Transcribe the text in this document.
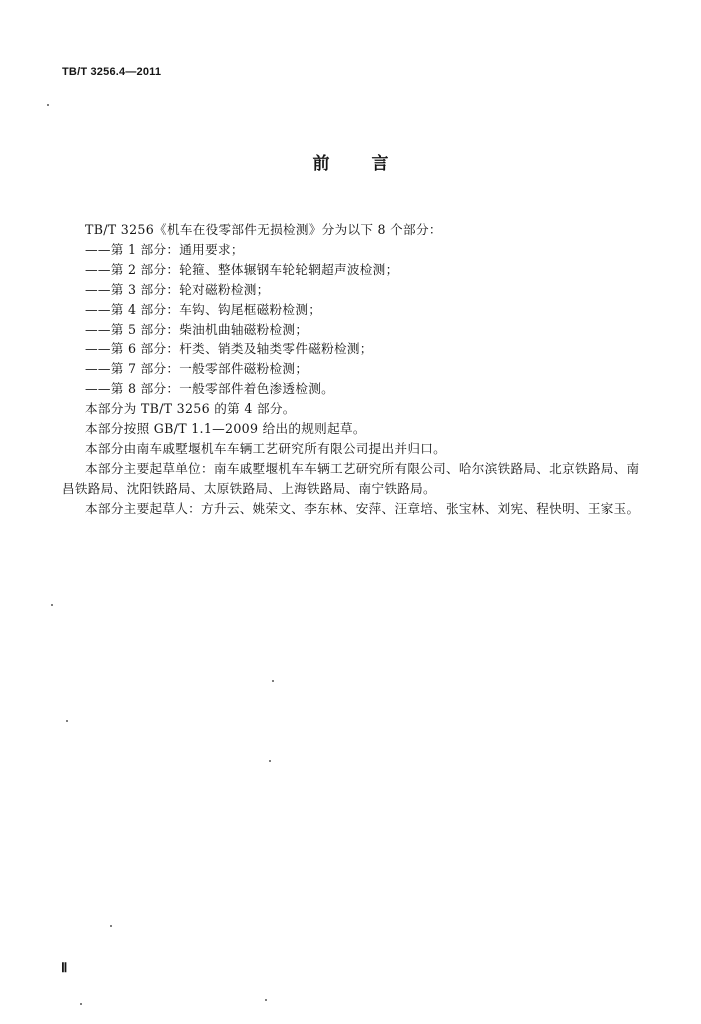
TB/T 3256.4—2011
前 言

TB/T 3256《机车在役零部件无损检测》分为以下 8 个部分：

——第 1 部分：通用要求；

——第 2 部分：轮箍、整体辗钢车轮轮辋超声波检测；

——第 3 部分：轮对磁粉检测；

——第 4 部分：车钩、钩尾框磁粉检测；

——第 5 部分：柴油机曲轴磁粉检测；

——第 6 部分：杆类、销类及轴类零件磁粉检测；

——第 7 部分：一般零部件磁粉检测；

——第 8 部分：一般零部件着色渗透检测。

本部分为 TB/T 3256 的第 4 部分。

本部分按照 GB/T 1.1—2009 给出的规则起草。

本部分由南车戚墅堰机车车辆工艺研究所有限公司提出并归口。

本部分主要起草单位：南车戚墅堰机车车辆工艺研究所有限公司、哈尔滨铁路局、北京铁路局、南昌铁路局、沈阳铁路局、太原铁路局、上海铁路局、南宁铁路局。

本部分主要起草人：方升云、姚荣文、李东林、安萍、汪章培、张宝林、刘宪、程快明、王家玉。

Ⅱ
